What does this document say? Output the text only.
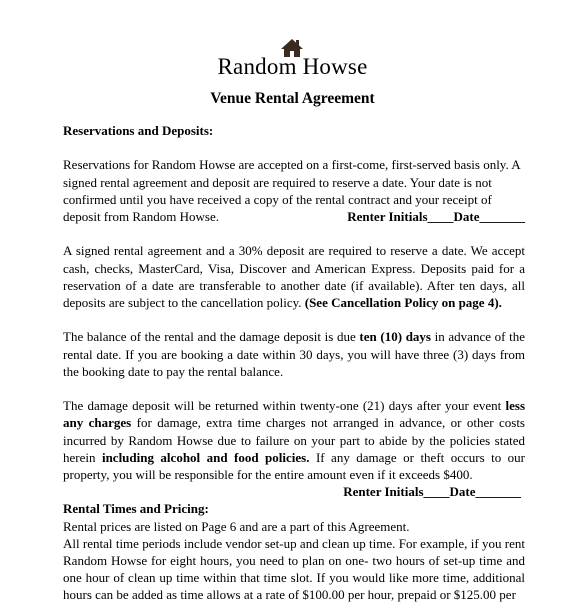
Random Howse
Venue Rental Agreement

Reservations and Deposits:

Reservations for Random Howse are accepted on a first-come, first-served basis only. A signed rental agreement and deposit are required to reserve a date. Your date is not confirmed until you have received a copy of the rental contract and your receipt of deposit from Random Howse.	Renter Initials____Date_______

A signed rental agreement and a 30% deposit are required to reserve a date. We accept cash, checks, MasterCard, Visa, Discover and American Express. Deposits paid for a reservation of a date are transferable to another date (if available). After ten days, all deposits are subject to the cancellation policy. (See Cancellation Policy on page 4).

The balance of the rental and the damage deposit is due ten (10) days in advance of the rental date. If you are booking a date within 30 days, you will have three (3) days from the booking date to pay the rental balance.

The damage deposit will be returned within twenty-one (21) days after your event less any charges for damage, extra time charges not arranged in advance, or other costs incurred by Random Howse due to failure on your part to abide by the policies stated herein including alcohol and food policies. If any damage or theft occurs to our property, you will be responsible for the entire amount even if it exceeds $400.

Renter Initials____Date_______

Rental Times and Pricing:

Rental prices are listed on Page 6 and are a part of this Agreement.

All rental time periods include vendor set-up and clean up time. For example, if you rent Random Howse for eight hours, you need to plan on one- two hours of set-up time and one hour of clean up time within that time slot. If you would like more time, additional hours can be added as time allows at a rate of $100.00 per hour, prepaid or $125.00 per
